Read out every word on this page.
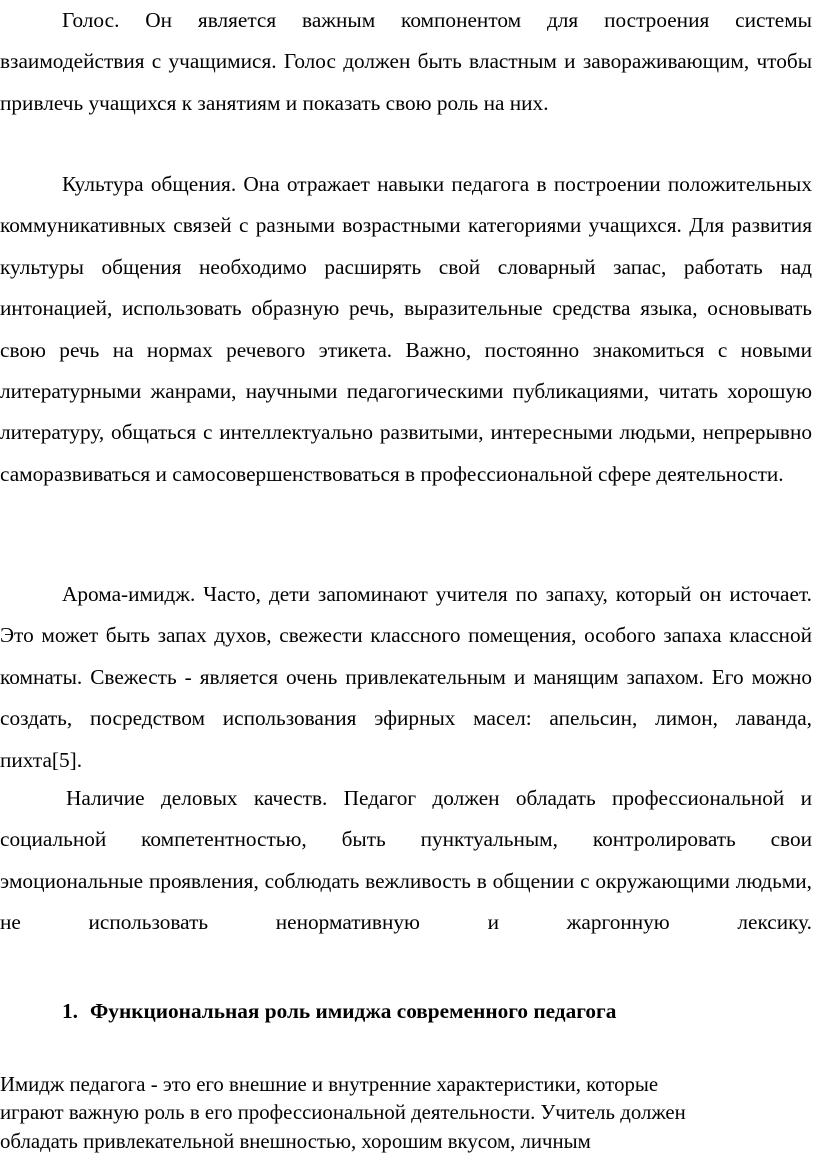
Голос. Он является важным компонентом для построения системы взаимодействия с учащимися. Голос должен быть властным и завораживающим, чтобы привлечь учащихся к занятиям и показать свою роль на них.

Культура общения. Она отражает навыки педагога в построении положительных коммуникативных связей с разными возрастными категориями учащихся. Для развития культуры общения необходимо расширять свой словарный запас, работать над интонацией, использовать образную речь, выразительные средства языка, основывать свою речь на нормах речевого этикета. Важно, постоянно знакомиться с новыми литературными жанрами, научными педагогическими публикациями, читать хорошую литературу, общаться с интеллектуально развитыми, интересными людьми, непрерывно саморазвиваться и самосовершенствоваться в профессиональной сфере деятельности.

Арома-имидж. Часто, дети запоминают учителя по запаху, который он источает. Это может быть запах духов, свежести классного помещения, особого запаха классной комнаты. Свежесть - является очень привлекательным и манящим запахом. Его можно создать, посредством использования эфирных масел: апельсин, лимон, лаванда, пихта[5].

Наличие деловых качеств. Педагог должен обладать профессиональной и социальной компетентностью, быть пунктуальным, контролировать свои эмоциональные проявления, соблюдать вежливость в общении с окружающими людьми, не использовать ненормативную и жаргонную лексику.

1. Функциональная роль имиджа современного педагога

Имидж педагога - это его внешние и внутренние характеристики, которые
играют важную роль в его профессиональной деятельности. Учитель должен
обладать привлекательной внешностью, хорошим вкусом, личным
